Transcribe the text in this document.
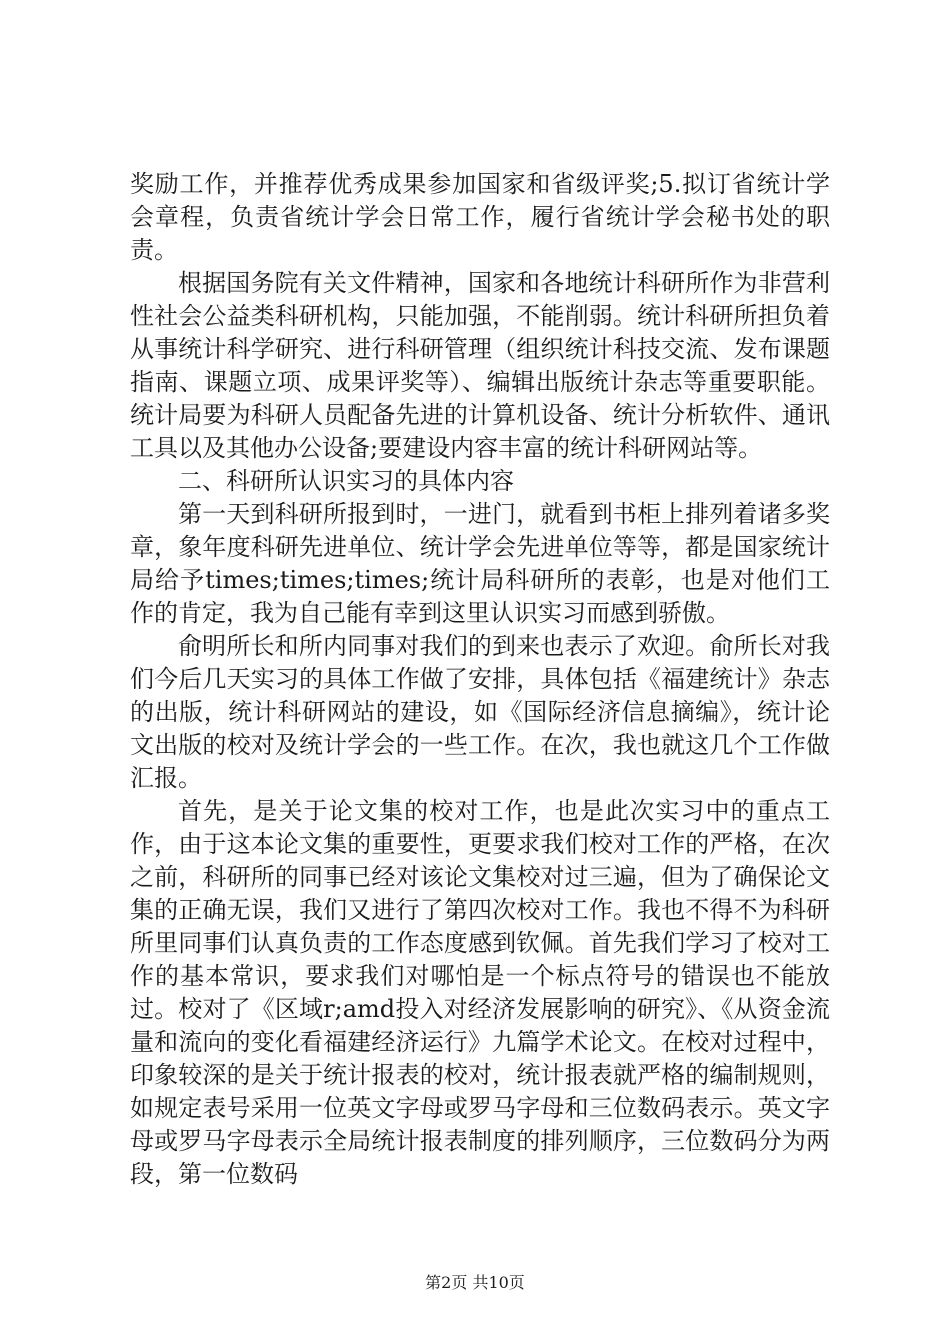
奖励工作，并推荐优秀成果参加国家和省级评奖;5.拟订省统计学会章程，负责省统计学会日常工作，履行省统计学会秘书处的职责。

根据国务院有关文件精神，国家和各地统计科研所作为非营利性社会公益类科研机构，只能加强，不能削弱。统计科研所担负着从事统计科学研究、进行科研管理（组织统计科技交流、发布课题指南、课题立项、成果评奖等）、编辑出版统计杂志等重要职能。统计局要为科研人员配备先进的计算机设备、统计分析软件、通讯工具以及其他办公设备;要建设内容丰富的统计科研网站等。

二、科研所认识实习的具体内容

第一天到科研所报到时，一进门，就看到书柜上排列着诸多奖章，象年度科研先进单位、统计学会先进单位等等，都是国家统计局给予times;times;times;统计局科研所的表彰，也是对他们工作的肯定，我为自己能有幸到这里认识实习而感到骄傲。

俞明所长和所内同事对我们的到来也表示了欢迎。俞所长对我们今后几天实习的具体工作做了安排，具体包括《福建统计》杂志的出版，统计科研网站的建设，如《国际经济信息摘编》，统计论文出版的校对及统计学会的一些工作。在次，我也就这几个工作做汇报。

首先，是关于论文集的校对工作，也是此次实习中的重点工作，由于这本论文集的重要性，更要求我们校对工作的严格，在次之前，科研所的同事已经对该论文集校对过三遍，但为了确保论文集的正确无误，我们又进行了第四次校对工作。我也不得不为科研所里同事们认真负责的工作态度感到钦佩。首先我们学习了校对工作的基本常识，要求我们对哪怕是一个标点符号的错误也不能放过。校对了《区域r;amd投入对经济发展影响的研究》、《从资金流量和流向的变化看福建经济运行》九篇学术论文。在校对过程中，印象较深的是关于统计报表的校对，统计报表就严格的编制规则，如规定表号采用一位英文字母或罗马字母和三位数码表示。英文字母或罗马字母表示全局统计报表制度的排列顺序，三位数码分为两段，第一位数码

第2页 共10页
